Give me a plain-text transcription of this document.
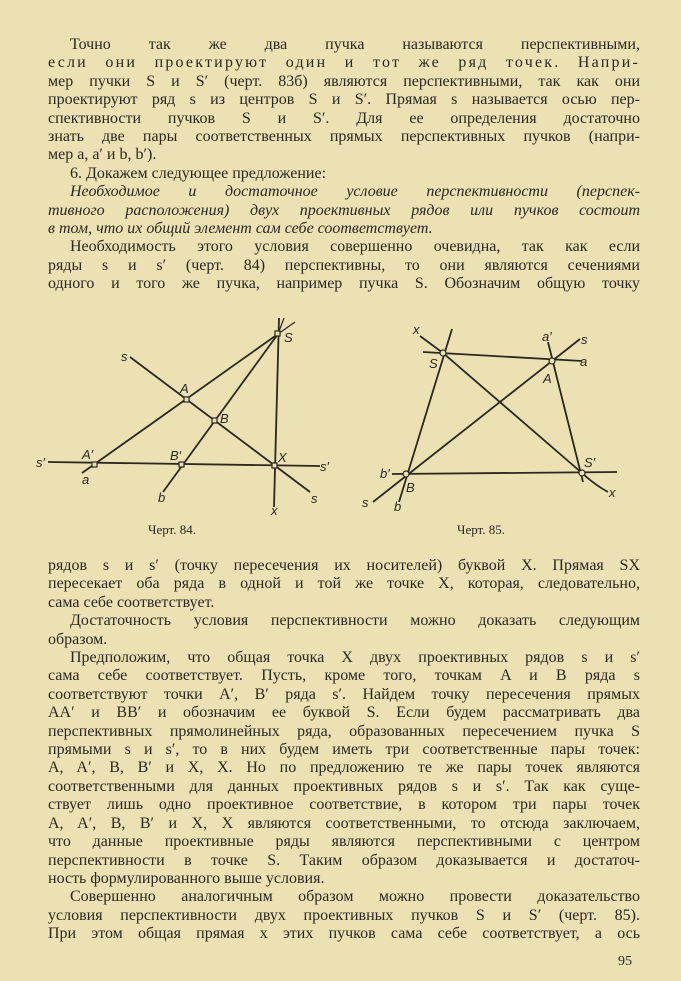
Точно так же два пучка называются перспективными,
если они проектируют один и тот же ряд точек. Напри-
мер пучки S и S′ (черт. 83б) являются перспективными, так как они
проектируют ряд s из центров S и S′. Прямая s называется осью пер-
спективности пучков S и S′. Для ее определения достаточно
знать две пары соответственных прямых перспективных пучков (напри-
мер a, a′ и b, b′).
6. Докажем следующее предложение:
Необходимое и достаточное условие перспективности (перспек-
тивного расположения) двух проективных рядов или пучков состоит
в том, что их общий элемент сам себе соответствует.
Необходимость этого условия совершенно очевидна, так как если
ряды s и s′ (черт. 84) перспективны, то они являются сечениями
одного и того же пучка, например пучка S. Обозначим общую точку
S
A
B
A′	B′	X
s
s
s′	s′
a
b
x
Черт. 84.
x
S
a′ s
a
A
b′
B
S′
s b
x
Черт. 85.
рядов s и s′ (точку пересечения их носителей) буквой X. Прямая SX
пересекает оба ряда в одной и той же точке X, которая, следовательно,
сама себе соответствует.
Достаточность условия перспективности можно доказать следующим
образом.
Предположим, что общая точка X двух проективных рядов s и s′
сама себе соответствует. Пусть, кроме того, точкам A и B ряда s
соответствуют точки A′, B′ ряда s′. Найдем точку пересечения прямых
AA′ и BB′ и обозначим ее буквой S. Если будем рассматривать два
перспективных прямолинейных ряда, образованных пересечением пучка S
прямыми s и s′, то в них будем иметь три соответственные пары точек:
A, A′, B, B′ и X, X. Но по предложению те же пары точек являются
соответственными для данных проективных рядов s и s′. Так как суще-
ствует лишь одно проективное соответствие, в котором три пары точек
A, A′, B, B′ и X, X являются соответственными, то отсюда заключаем,
что данные проективные ряды являются перспективными с центром
перспективности в точке S. Таким образом доказывается и достаточ-
ность формулированного выше условия.
Совершенно аналогичным образом можно провести доказательство
условия перспективности двух проективных пучков S и S′ (черт. 85).
При этом общая прямая x этих пучков сама себе соответствует, а ось
95
